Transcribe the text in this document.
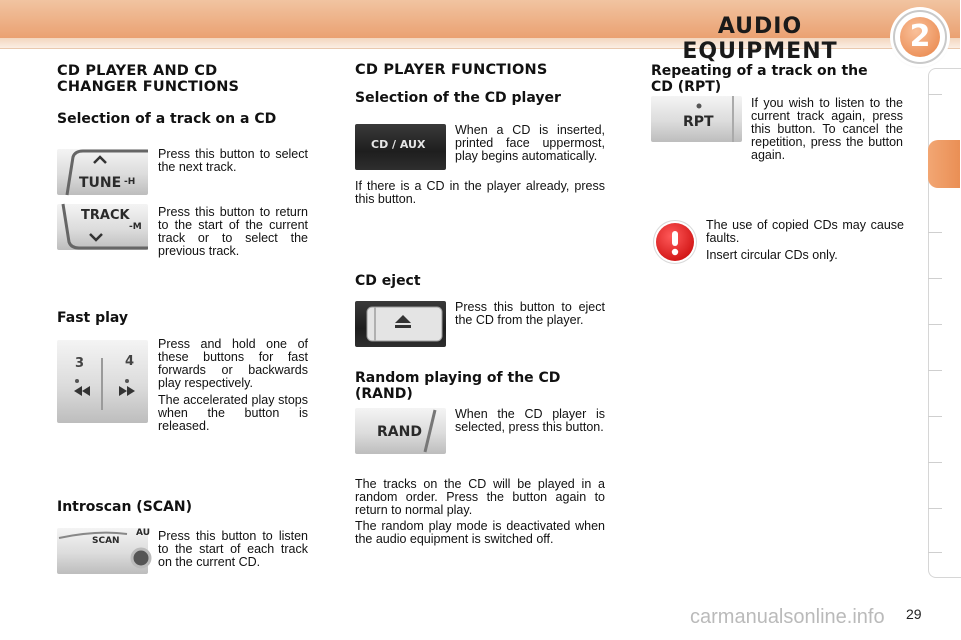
AUDIO EQUIPMENT	2
CD PLAYER AND CD CHANGER FUNCTIONS
Selection of a track on a CD
TUNE -H

Press this button to select the next track.

TRACK
-M

Press this button to return to the start of the current track or to select the previous track.

Fast play
3	4

Press and hold one of these buttons for fast forwards or backwards play respectively.

The accelerated play stops when the button is released.

Introscan (SCAN)
SCAN
AU Press this button to listen to the start of each track on the current CD.

CD PLAYER FUNCTIONS
Selection of the CD player
CD / AUX

When a CD is inserted, printed face uppermost, play begins automatically.

If there is a CD in the player already, press this button.

CD eject

Press this button to eject the CD from the player.

Random playing of the CD (RAND)
RAND

When the CD player is selected, press this button.

The tracks on the CD will be played in a random order. Press the button again to return to normal play.

The random play mode is deactivated when the audio equipment is switched off.

Repeating of a track on the CD (RPT)
RPT

If you wish to listen to the current track again, press this button. To cancel the repetition, press the button again.

The use of copied CDs may cause faults.

Insert circular CDs only.

carmanualsonline.info 29
